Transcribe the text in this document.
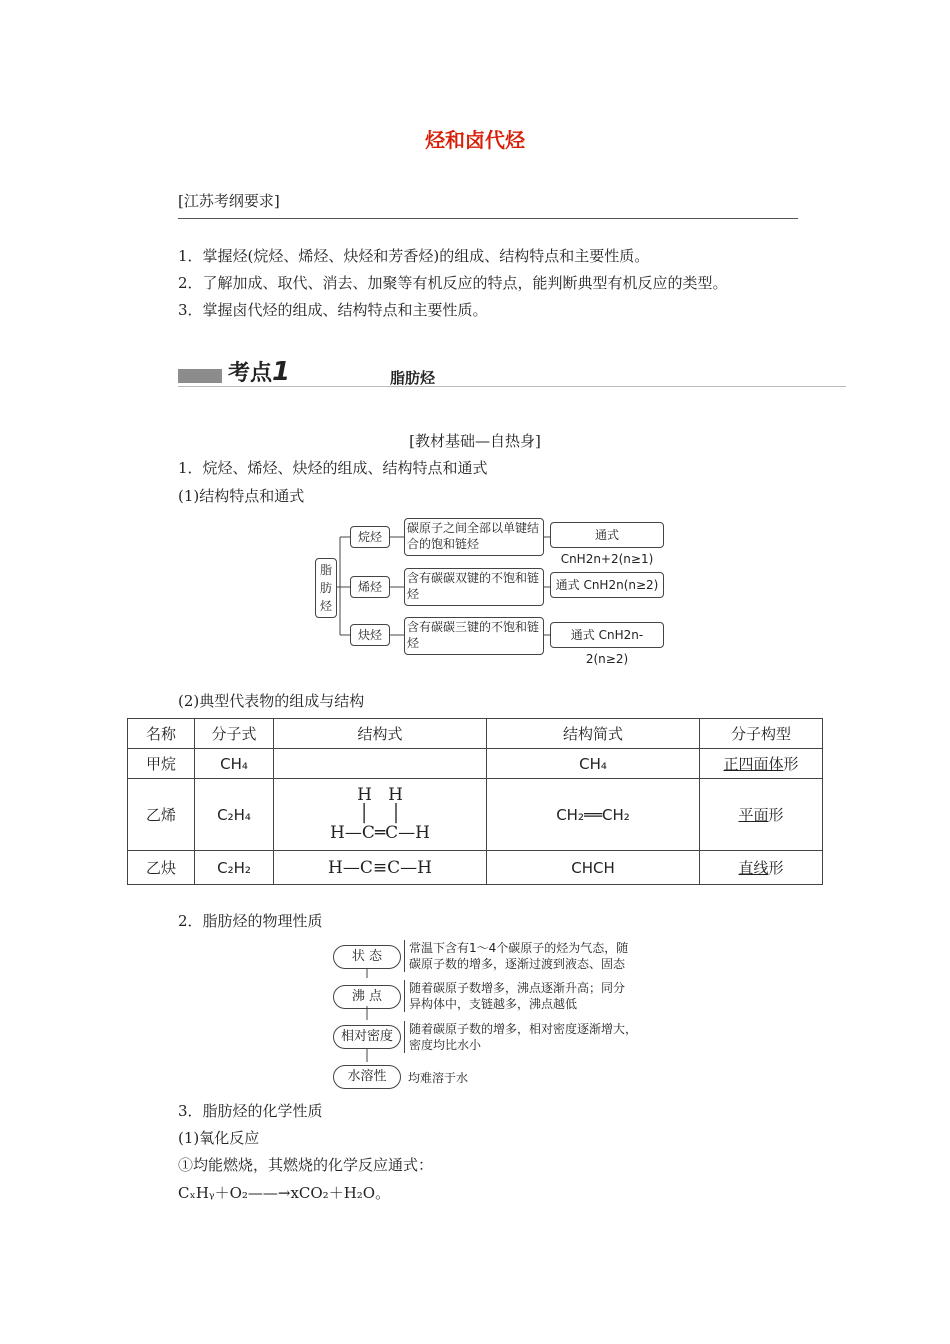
烃和卤代烃
[江苏考纲要求]
1．掌握烃(烷烃、烯烃、炔烃和芳香烃)的组成、结构特点和主要性质。
2．了解加成、取代、消去、加聚等有机反应的特点，能判断典型有机反应的类型。
3．掌握卤代烃的组成、结构特点和主要性质。
考点1	脂肪烃
[教材基础—自热身]
1．烷烃、烯烃、炔烃的组成、结构特点和通式
(1)结构特点和通式
脂肪烃
烷烃
碳原子之间全部以单键结合的饱和链烃
通式 CnH2n+2(n≥1)
烯烃
含有碳碳双键的不饱和链烃
通式 CnH2n(n≥2)
炔烃
含有碳碳三键的不饱和链烃
通式 CnH2n-2(n≥2)
(2)典型代表物的组成与结构
名称	分子式	结构式	结构简式	分子构型
甲烷	CH₄		CH₄	正四面体形
乙烯	C₂H₄	H H
│ │
H—C═C—H	CH₂══CH₂	平面形
乙炔	C₂H₂	H—C≡C—H	CHCH	直线形
2．脂肪烃的物理性质
状 态
常温下含有1～4个碳原子的烃为气态，随
碳原子数的增多，逐渐过渡到液态、固态
沸 点
随着碳原子数增多，沸点逐渐升高；同分
异构体中，支链越多，沸点越低
相对密度	随着碳原子数的增多，相对密度逐渐增大，
密度均比水小
水溶性	均难溶于水
3．脂肪烃的化学性质
(1)氧化反应
①均能燃烧，其燃烧的化学反应通式：
CₓHᵧ＋O₂——→xCO₂＋H₂O。
